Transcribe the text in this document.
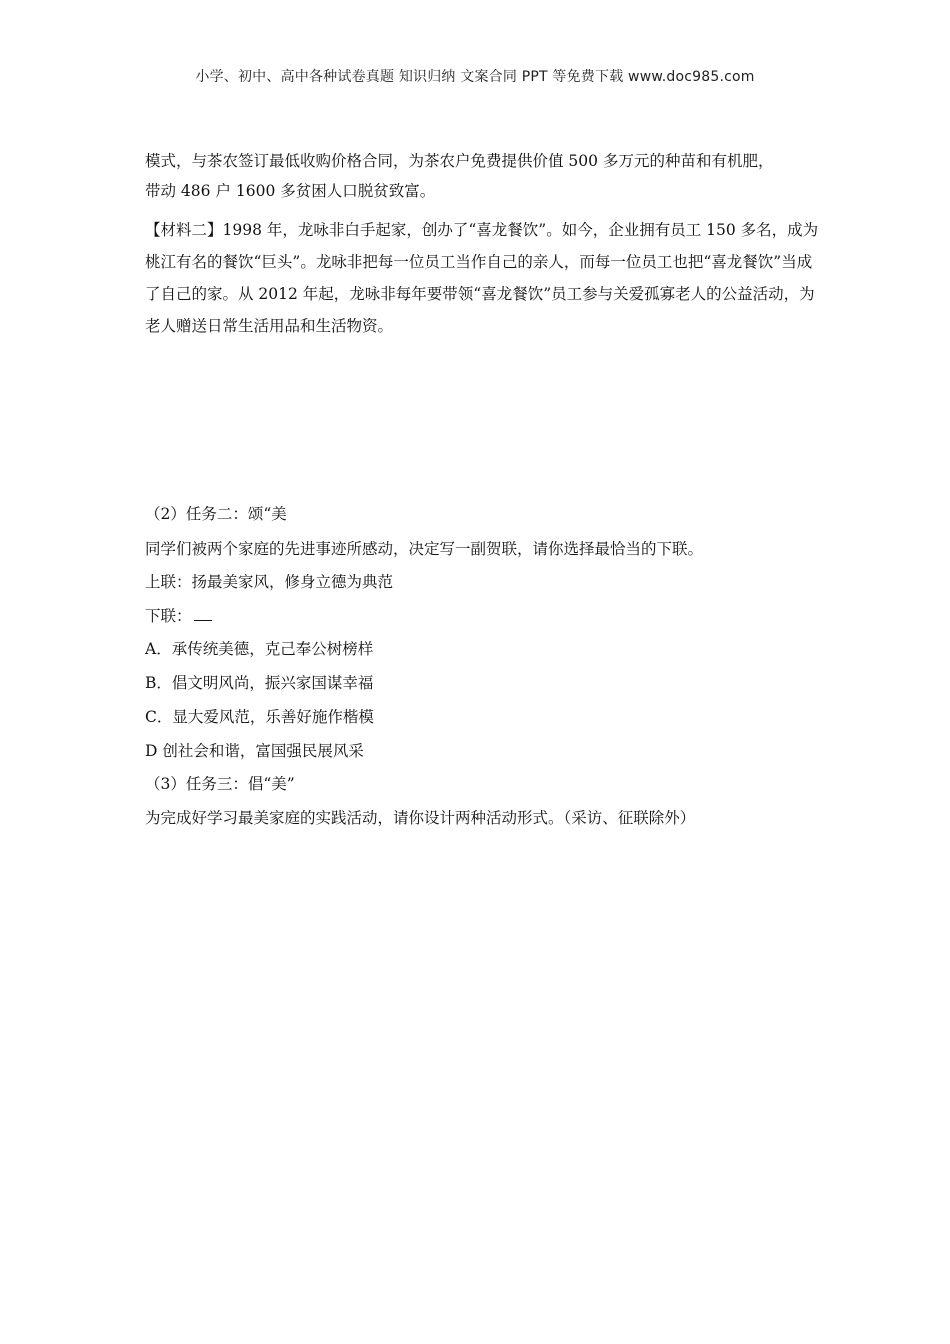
小学、初中、高中各种试卷真题 知识归纳 文案合同 PPT 等免费下载 www.doc985.com

模式，与茶农签订最低收购价格合同，为茶农户免费提供价值 500 多万元的种苗和有机肥，

带动 486 户 1600 多贫困人口脱贫致富。

【材料二】1998 年，龙咏非白手起家，创办了“喜龙餐饮”。如今，企业拥有员工 150 多名，成为桃江有名的餐饮“巨头”。龙咏非把每一位员工当作自己的亲人，而每一位员工也把“喜龙餐饮”当成了自己的家。从 2012 年起，龙咏非每年要带领“喜龙餐饮”员工参与关爱孤寡老人的公益活动，为老人赠送日常生活用品和生活物资。

（2）任务二：颂“美
同学们被两个家庭的先进事迹所感动，决定写一副贺联，请你选择最恰当的下联。
上联：扬最美家风，修身立德为典范
下联：
A．承传统美德，克己奉公树榜样
B．倡文明风尚，振兴家国谋幸福
C．显大爱风范，乐善好施作楷模
D 创社会和谐，富国强民展风采
（3）任务三：倡“美”
为完成好学习最美家庭的实践活动，请你设计两种活动形式。（采访、征联除外）
